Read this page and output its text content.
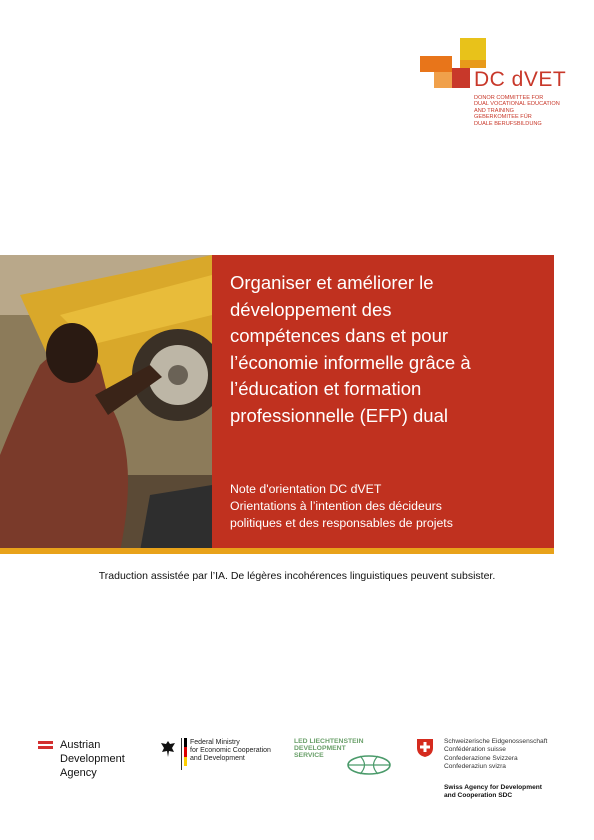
DC dVET
DONOR COMMITTEE FOR
DUAL VOCATIONAL EDUCATION
AND TRAINING
GEBERKOMITEE FÜR
DUALE BERUFSBILDUNG
Organiser et améliorer le
développement des
compétences dans et pour
l’économie informelle grâce à
l’éducation et formation
professionnelle (EFP) dual
Note d'orientation DC dVET
Orientations à l’intention des décideurs
politiques et des responsables de projets
Traduction assistée par l’IA. De légères incohérences linguistiques peuvent subsister.
Austrian
Development
Agency
Federal Ministry
for Economic Cooperation
and Development
LED LIECHTENSTEIN
DEVELOPMENT
SERVICE
Schweizerische Eidgenossenschaft
Confédération suisse
Confederazione Svizzera
Confederaziun svizra
Swiss Agency for Development
and Cooperation SDC
